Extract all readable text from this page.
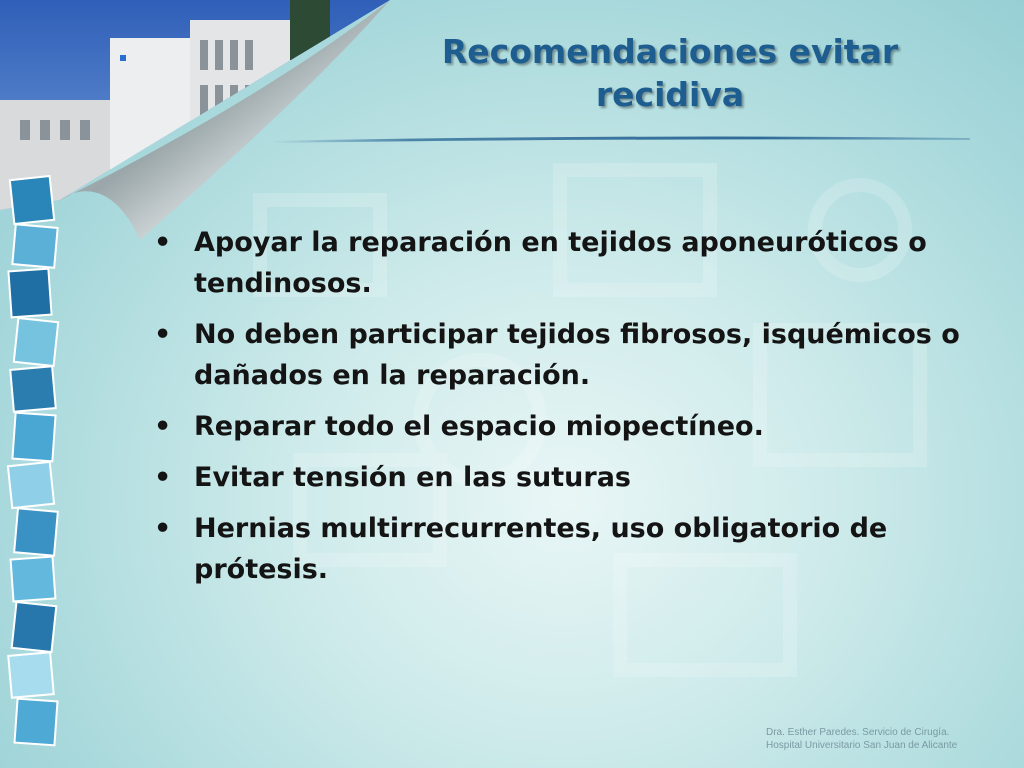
Recomendaciones evitar
recidiva
• Apoyar la reparación en tejidos aponeuróticos o tendinosos.
• No deben participar tejidos fibrosos, isquémicos o dañados en la reparación.
• Reparar todo el espacio miopectíneo.
• Evitar tensión en las suturas
• Hernias multirrecurrentes, uso obligatorio de prótesis.
Dra. Esther Paredes. Servicio de Cirugía.
Hospital Universitario San Juan de Alicante
